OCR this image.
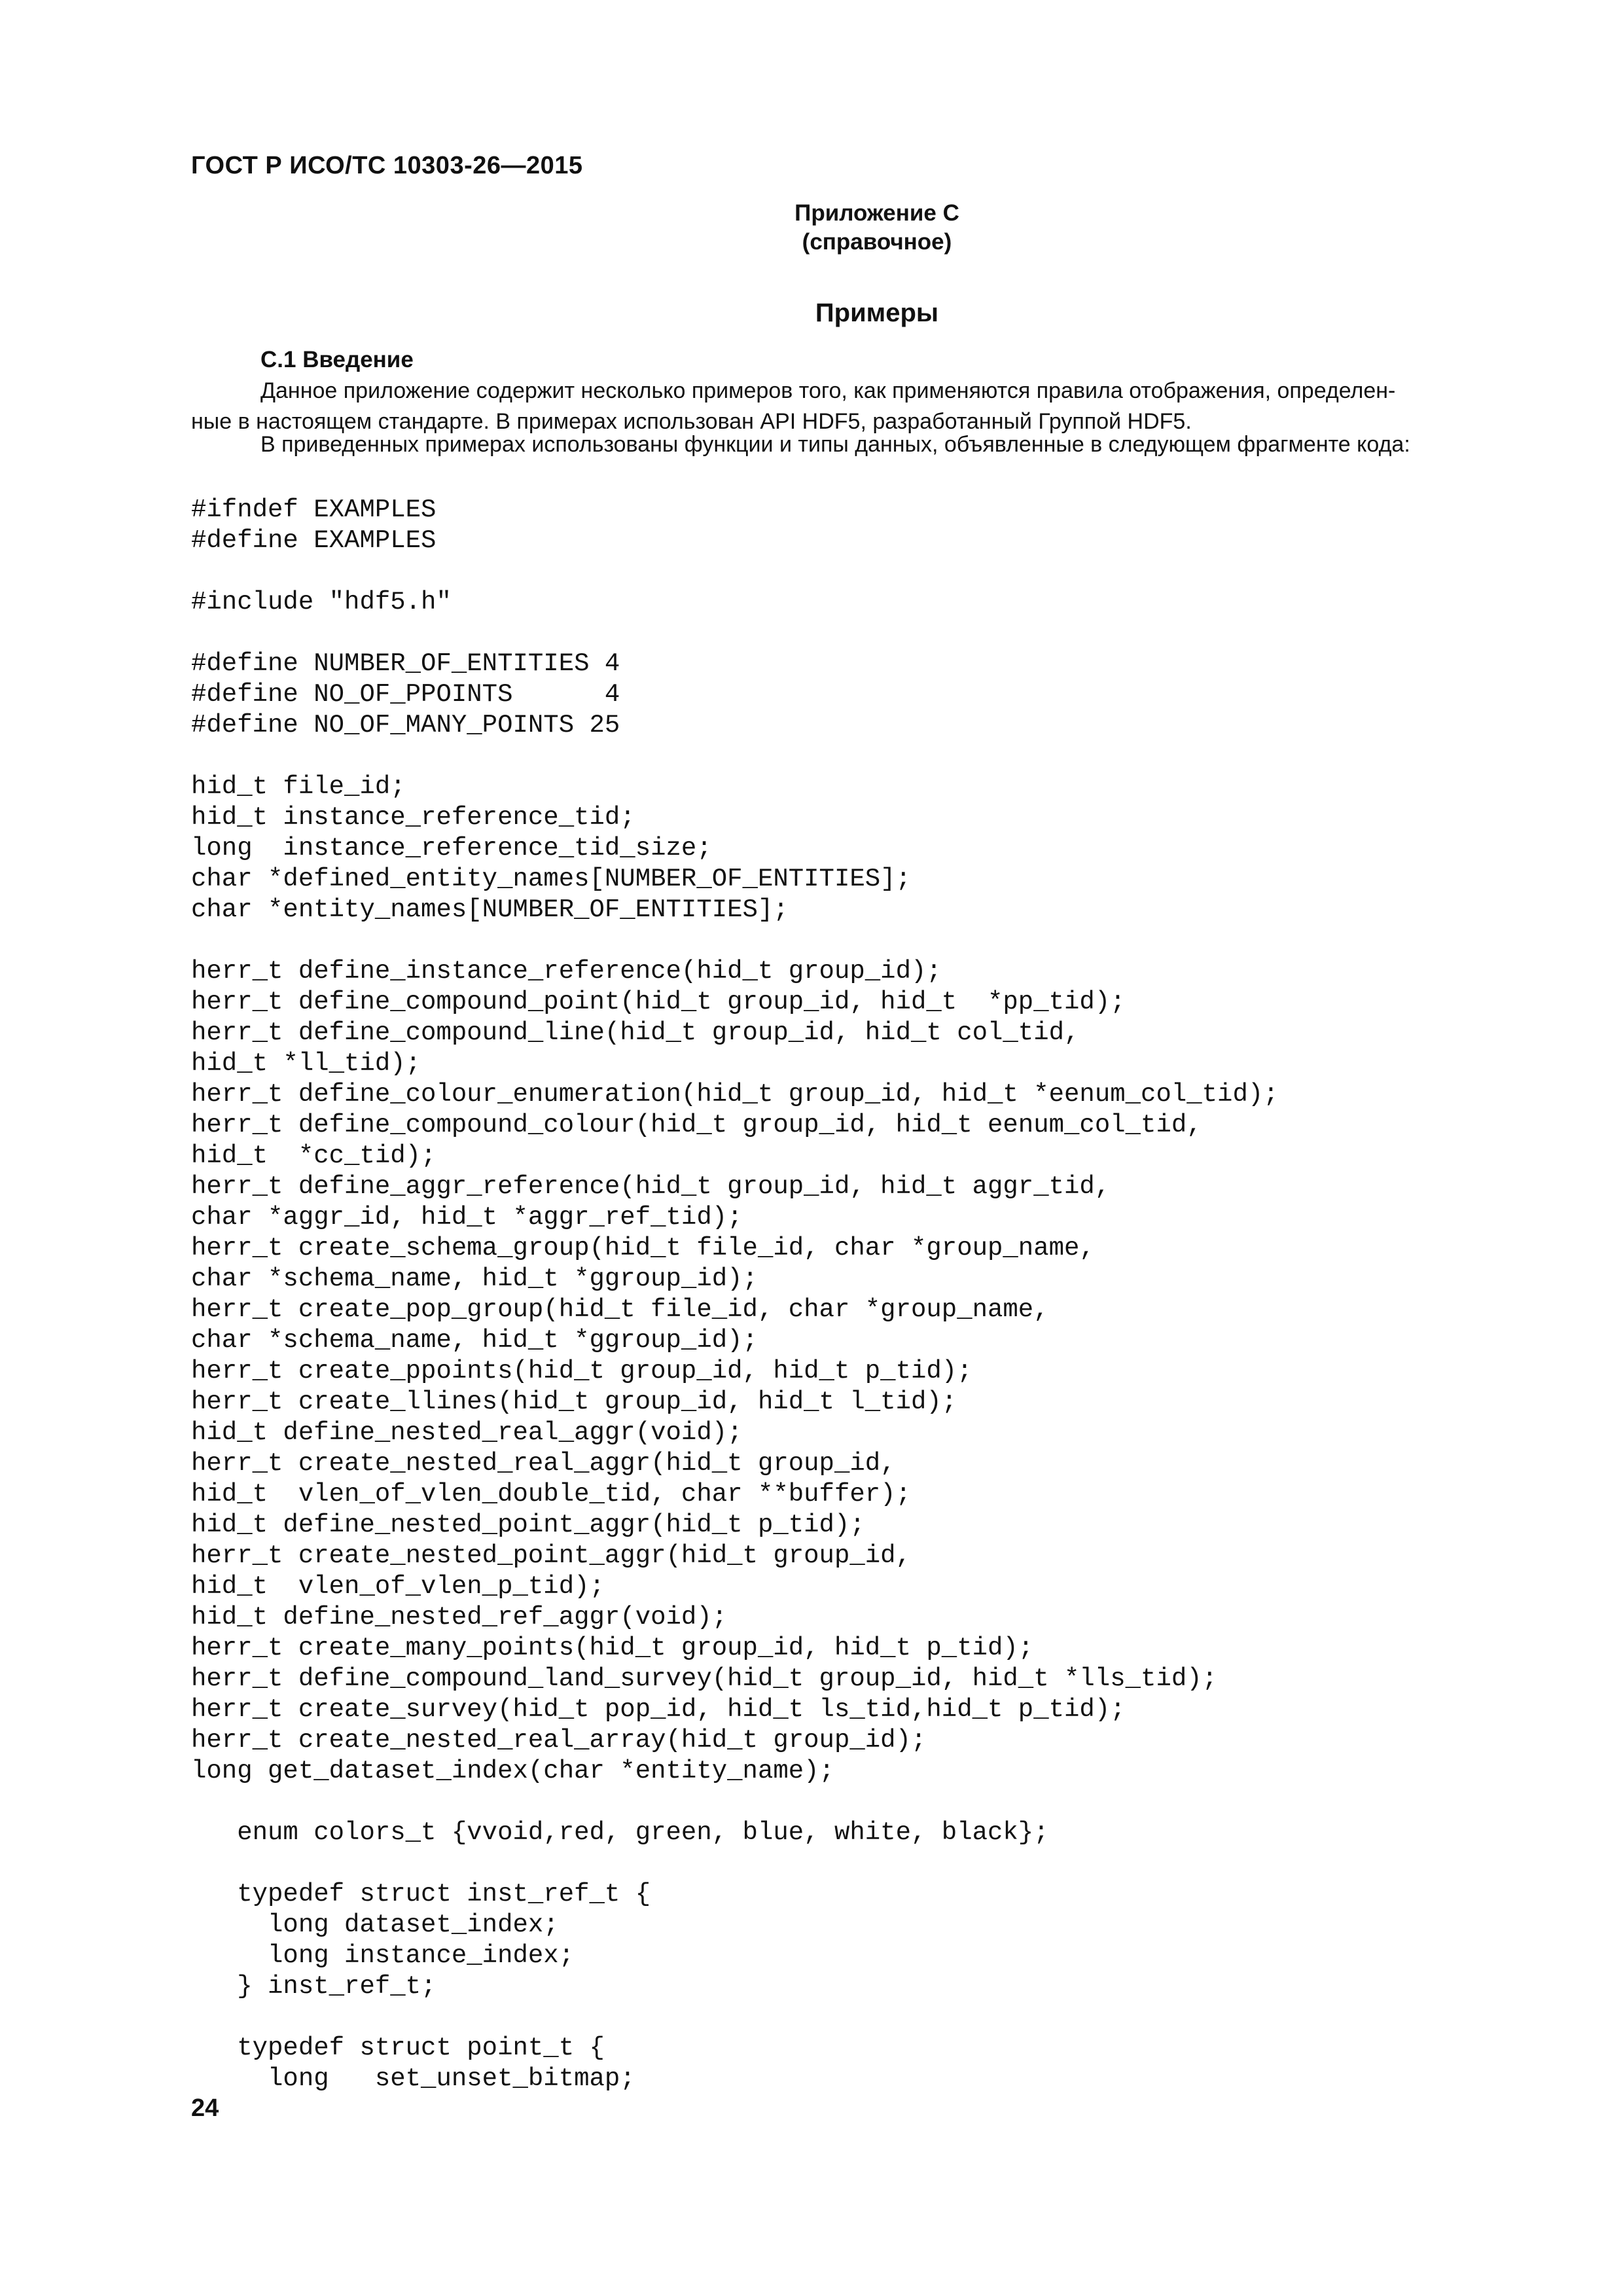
ГОСТ Р ИСО/ТС 10303-26—2015
Приложение С
(справочное)
Примеры
С.1 Введение
Данное приложение содержит несколько примеров того, как применяются правила отображения, определен-
ные в настоящем стандарте. В примерах использован API HDF5, разработанный Группой HDF5.
В приведенных примерах использованы функции и типы данных, объявленные в следующем фрагменте кода:
#ifndef EXAMPLES
#define EXAMPLES
#include "hdf5.h"
#define NUMBER_OF_ENTITIES 4
#define NO_OF_PPOINTS      4
#define NO_OF_MANY_POINTS 25
hid_t file_id;
hid_t instance_reference_tid;
long  instance_reference_tid_size;
char *defined_entity_names[NUMBER_OF_ENTITIES];
char *entity_names[NUMBER_OF_ENTITIES];
herr_t define_instance_reference(hid_t group_id);
herr_t define_compound_point(hid_t group_id, hid_t  *pp_tid);
herr_t define_compound_line(hid_t group_id, hid_t col_tid,
hid_t *ll_tid);
herr_t define_colour_enumeration(hid_t group_id, hid_t *eenum_col_tid);
herr_t define_compound_colour(hid_t group_id, hid_t eenum_col_tid,
hid_t  *cc_tid);
herr_t define_aggr_reference(hid_t group_id, hid_t aggr_tid,
char *aggr_id, hid_t *aggr_ref_tid);
herr_t create_schema_group(hid_t file_id, char *group_name,
char *schema_name, hid_t *ggroup_id);
herr_t create_pop_group(hid_t file_id, char *group_name,
char *schema_name, hid_t *ggroup_id);
herr_t create_ppoints(hid_t group_id, hid_t p_tid);
herr_t create_llines(hid_t group_id, hid_t l_tid);
hid_t define_nested_real_aggr(void);
herr_t create_nested_real_aggr(hid_t group_id,
hid_t  vlen_of_vlen_double_tid, char **buffer);
hid_t define_nested_point_aggr(hid_t p_tid);
herr_t create_nested_point_aggr(hid_t group_id,
hid_t  vlen_of_vlen_p_tid);
hid_t define_nested_ref_aggr(void);
herr_t create_many_points(hid_t group_id, hid_t p_tid);
herr_t define_compound_land_survey(hid_t group_id, hid_t *lls_tid);
herr_t create_survey(hid_t pop_id, hid_t ls_tid,hid_t p_tid);
herr_t create_nested_real_array(hid_t group_id);
long get_dataset_index(char *entity_name);
enum colors_t {vvoid,red, green, blue, white, black};
typedef struct inst_ref_t {
long dataset_index;
long instance_index;
} inst_ref_t;
typedef struct point_t {
long   set_unset_bitmap;
24
